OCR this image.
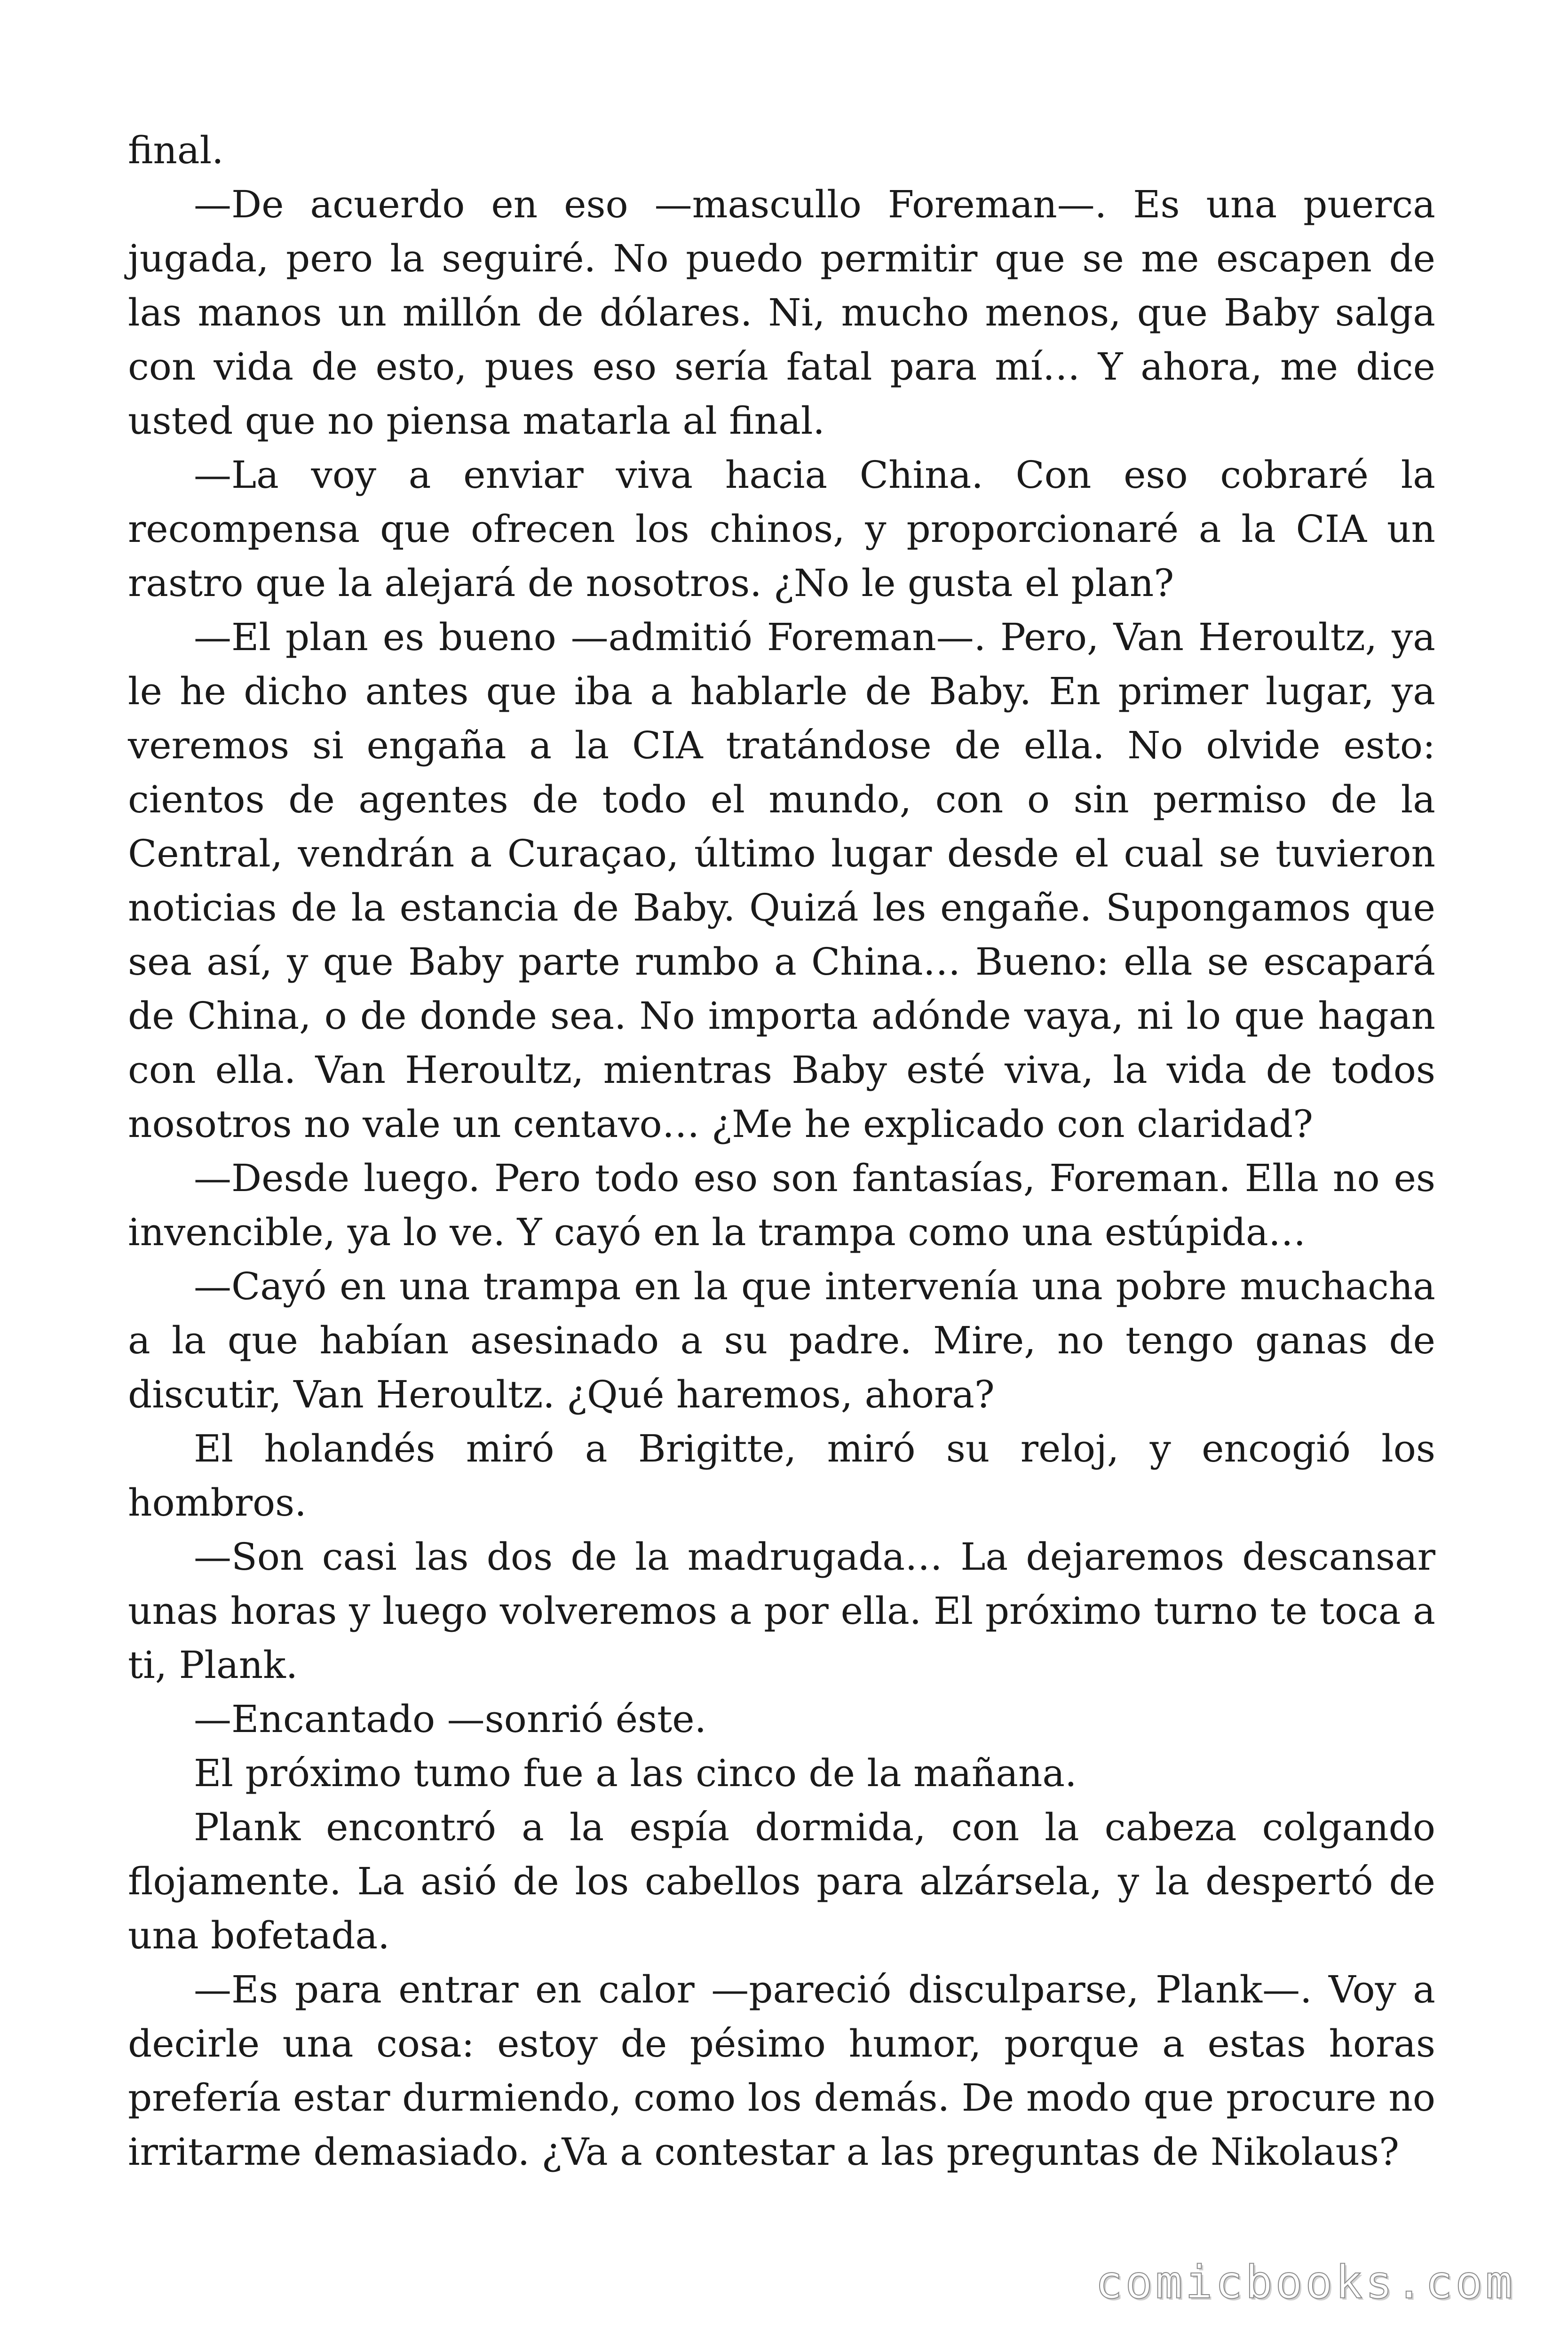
final.

—De acuerdo en eso —mascullo Foreman—. Es una puerca jugada, pero la seguiré. No puedo permitir que se me escapen de las manos un millón de dólares. Ni, mucho menos, que Baby salga con vida de esto, pues eso sería fatal para mí… Y ahora, me dice usted que no piensa matarla al final.

—La voy a enviar viva hacia China. Con eso cobraré la recompensa que ofrecen los chinos, y proporcionaré a la CIA un rastro que la alejará de nosotros. ¿No le gusta el plan?

—El plan es bueno —admitió Foreman—. Pero, Van Heroultz, ya le he dicho antes que iba a hablarle de Baby. En primer lugar, ya veremos si engaña a la CIA tratándose de ella. No olvide esto: cientos de agentes de todo el mundo, con o sin permiso de la Central, vendrán a Curaçao, último lugar desde el cual se tuvieron noticias de la estancia de Baby. Quizá les engañe. Supongamos que sea así, y que Baby parte rumbo a China… Bueno: ella se escapará de China, o de donde sea. No importa adónde vaya, ni lo que hagan con ella. Van Heroultz, mientras Baby esté viva, la vida de todos nosotros no vale un centavo… ¿Me he explicado con claridad?

—Desde luego. Pero todo eso son fantasías, Foreman. Ella no es invencible, ya lo ve. Y cayó en la trampa como una estúpida…

—Cayó en una trampa en la que intervenía una pobre muchacha a la que habían asesinado a su padre. Mire, no tengo ganas de discutir, Van Heroultz. ¿Qué haremos, ahora?

El holandés miró a Brigitte, miró su reloj, y encogió los hombros.

—Son casi las dos de la madrugada… La dejaremos descansar unas horas y luego volveremos a por ella. El próximo turno te toca a ti, Plank.

—Encantado —sonrió éste.

El próximo tumo fue a las cinco de la mañana.

Plank encontró a la espía dormida, con la cabeza colgando flojamente. La asió de los cabellos para alzársela, y la despertó de una bofetada.

—Es para entrar en calor —pareció disculparse, Plank—. Voy a decirle una cosa: estoy de pésimo humor, porque a estas horas prefería estar durmiendo, como los demás. De modo que procure no irritarme demasiado. ¿Va a contestar a las preguntas de Nikolaus?

comicbooks.com
